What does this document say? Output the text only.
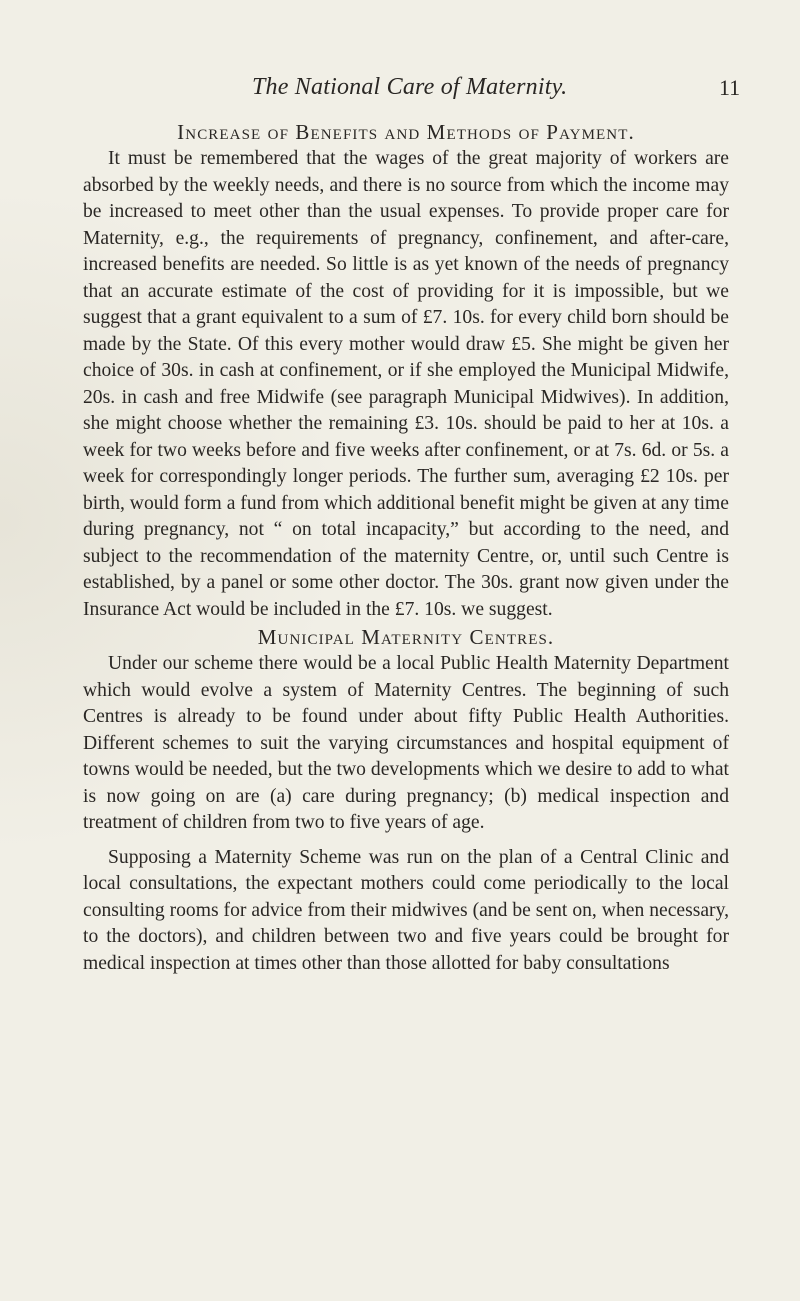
The National Care of Maternity.	11
Increase of Benefits and Methods of Payment.

It must be remembered that the wages of the great majority of workers are absorbed by the weekly needs, and there is no source from which the income may be increased to meet other than the usual expenses. To provide proper care for Maternity, e.g., the requirements of pregnancy, confinement, and after-care, increased benefits are needed. So little is as yet known of the needs of pregnancy that an accurate estimate of the cost of providing for it is impossible, but we suggest that a grant equivalent to a sum of £7. 10s. for every child born should be made by the State. Of this every mother would draw £5. She might be given her choice of 30s. in cash at confinement, or if she employed the Municipal Midwife, 20s. in cash and free Midwife (see paragraph Municipal Midwives). In addition, she might choose whether the remaining £3. 10s. should be paid to her at 10s. a week for two weeks before and five weeks after confinement, or at 7s. 6d. or 5s. a week for correspondingly longer periods. The further sum, averaging £2 10s. per birth, would form a fund from which additional benefit might be given at any time during pregnancy, not “ on total incapacity,” but according to the need, and subject to the recommendation of the maternity Centre, or, until such Centre is established, by a panel or some other doctor. The 30s. grant now given under the Insurance Act would be included in the £7. 10s. we suggest.

Municipal Maternity Centres.

Under our scheme there would be a local Public Health Maternity Department which would evolve a system of Maternity Centres. The beginning of such Centres is already to be found under about fifty Public Health Authorities. Different schemes to suit the varying circumstances and hospital equipment of towns would be needed, but the two developments which we desire to add to what is now going on are (a) care during pregnancy; (b) medical inspection and treatment of children from two to five years of age.

Supposing a Maternity Scheme was run on the plan of a Central Clinic and local consultations, the expectant mothers could come periodically to the local consulting rooms for advice from their midwives (and be sent on, when necessary, to the doctors), and children between two and five years could be brought for medical inspection at times other than those allotted for baby consultations
